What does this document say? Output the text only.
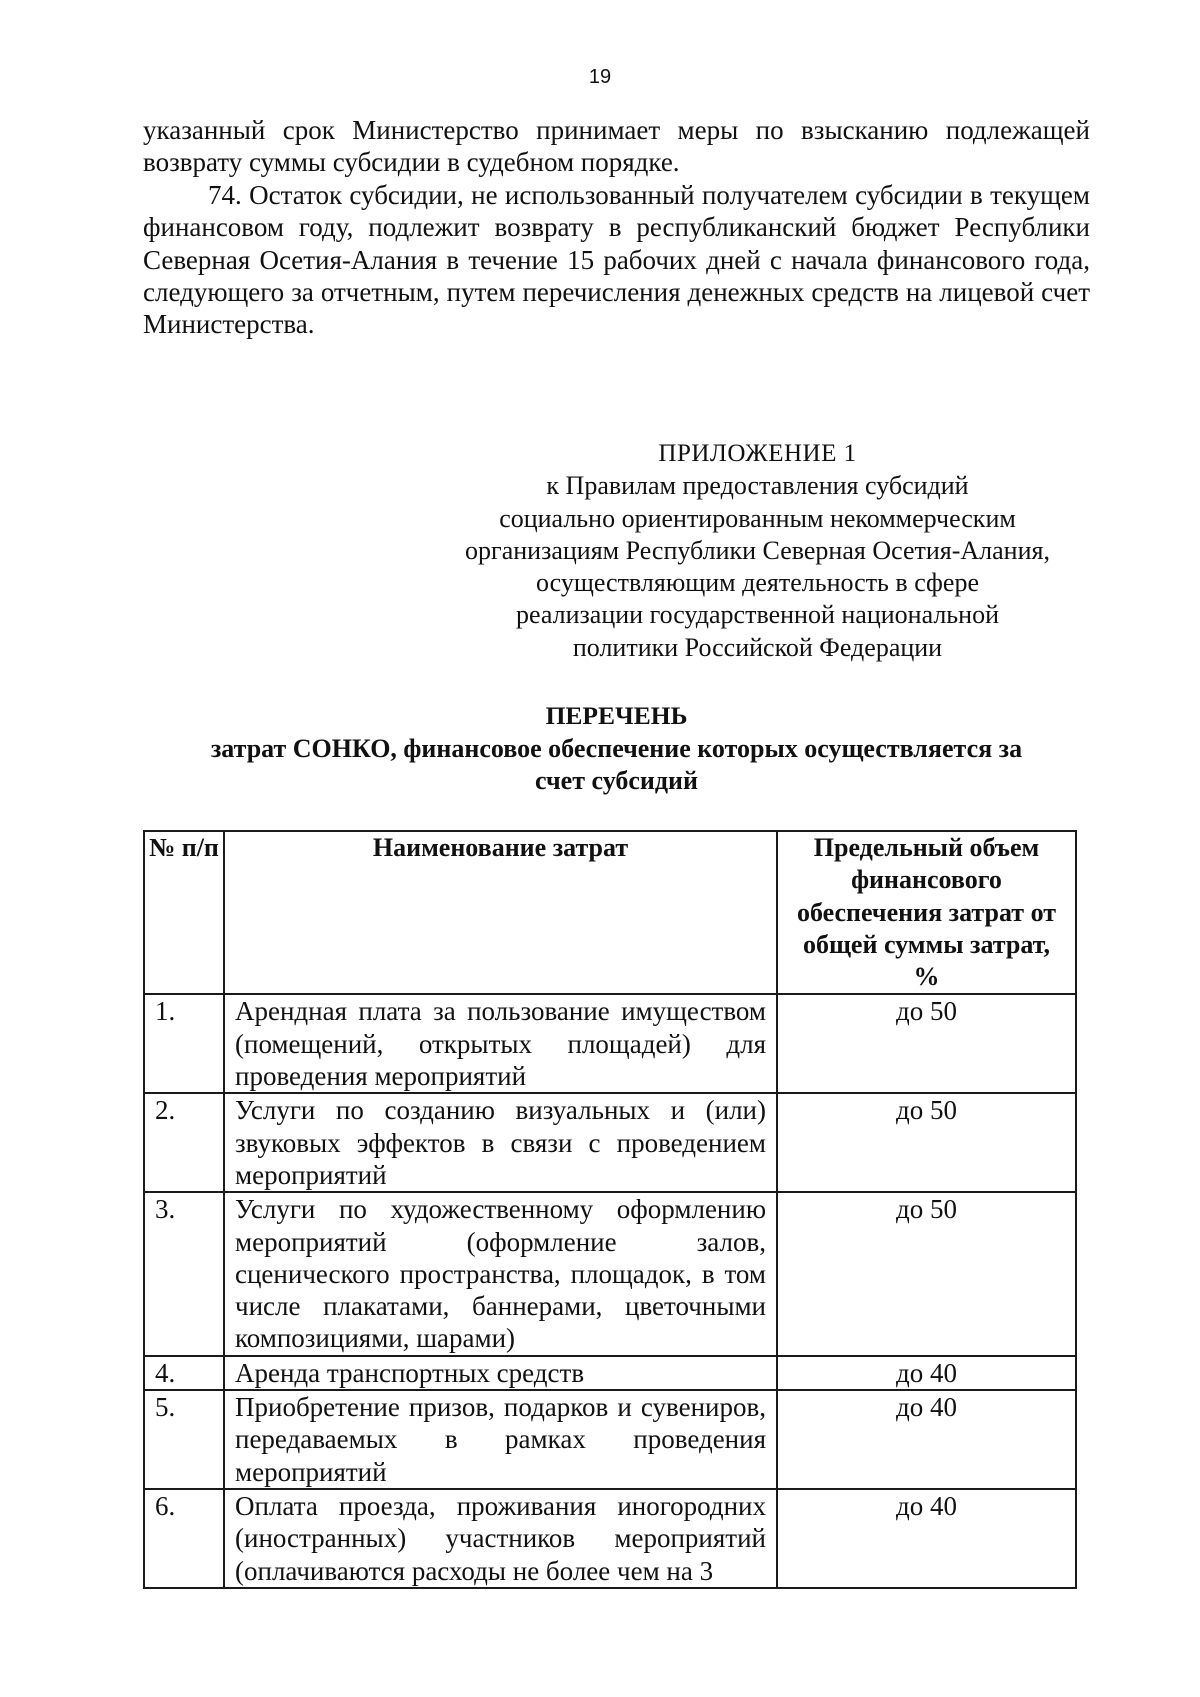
19
указанный срок Министерство принимает меры по взысканию подлежащей возврату суммы субсидии в судебном порядке.
74. Остаток субсидии, не использованный получателем субсидии в текущем финансовом году, подлежит возврату в республиканский бюджет Республики Северная Осетия-Алания в течение 15 рабочих дней с начала финансового года, следующего за отчетным, путем перечисления денежных средств на лицевой счет Министерства.
ПРИЛОЖЕНИЕ 1
к Правилам предоставления субсидий
социально ориентированным некоммерческим
организациям Республики Северная Осетия-Алания,
осуществляющим деятельность в сфере
реализации государственной национальной
политики Российской Федерации
ПЕРЕЧЕНЬ
затрат СОНКО, финансовое обеспечение которых осуществляется за
счет субсидий
№ п/п	Наименование затрат	Предельный объем финансового обеспечения затрат от общей суммы затрат, %
1.	Арендная плата за пользование имуществом (помещений, открытых площадей) для проведения мероприятий	до 50
2.	Услуги по созданию визуальных и (или) звуковых эффектов в связи с проведением мероприятий	до 50
3.	Услуги по художественному оформлению мероприятий (оформление залов, сценического пространства, площадок, в том числе плакатами, баннерами, цветочными композициями, шарами)	до 50
4.	Аренда транспортных средств	до 40
5.	Приобретение призов, подарков и сувениров, передаваемых в рамках проведения мероприятий	до 40
6.	Оплата проезда, проживания иногородних (иностранных) участников мероприятий (оплачиваются расходы не более чем на 3	до 40
